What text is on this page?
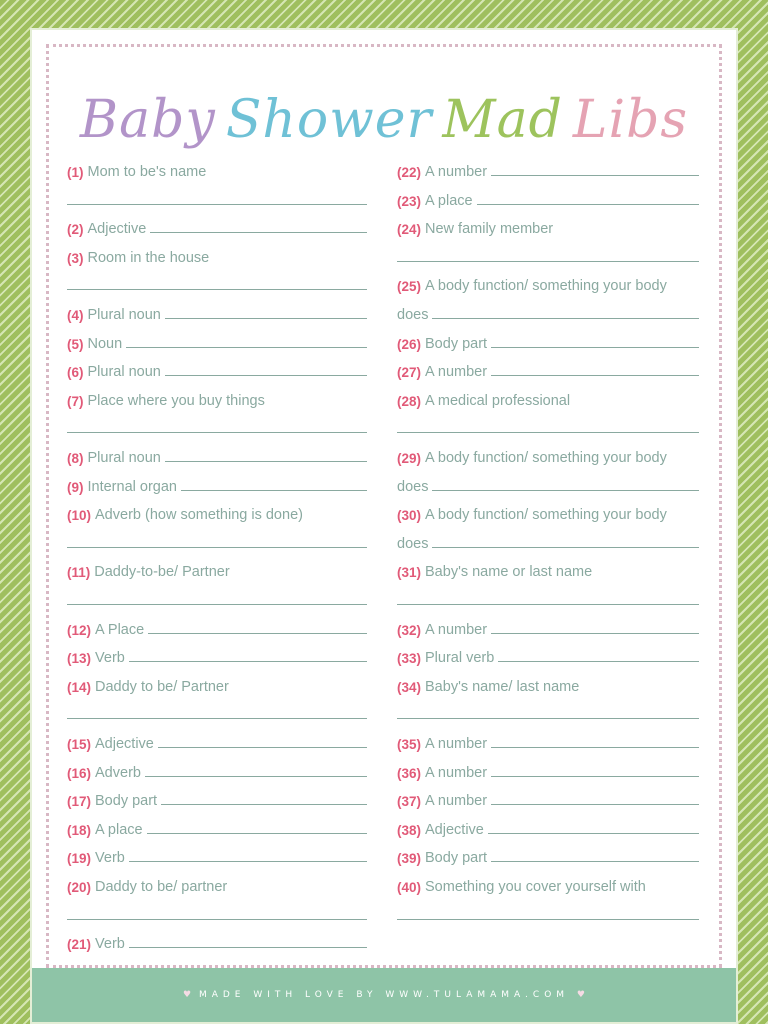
Baby Shower Mad Libs
♥ MADE WITH LOVE BY WWW.TULAMAMA.COM ♥
(1) Mom to be's name
(2) Adjective
(3) Room in the house
(4) Plural noun
(5) Noun
(6) Plural noun
(7) Place where you buy things
(8) Plural noun
(9) Internal organ
(10) Adverb (how something is done)
(11) Daddy-to-be/ Partner
(12) A Place
(13) Verb
(14) Daddy to be/ Partner
(15) Adjective
(16) Adverb
(17) Body part
(18) A place
(19) Verb
(20) Daddy to be/ partner
(21) Verb
(22) A number
(23) A place
(24) New family member
(25) A body function/ something your body
does
(26) Body part
(27) A number
(28) A medical professional
(29) A body function/ something your body
does
(30) A body function/ something your body
does
(31) Baby's name or last name
(32) A number
(33) Plural verb
(34) Baby's name/ last name
(35) A number
(36) A number
(37) A number
(38) Adjective
(39) Body part
(40) Something you cover yourself with
